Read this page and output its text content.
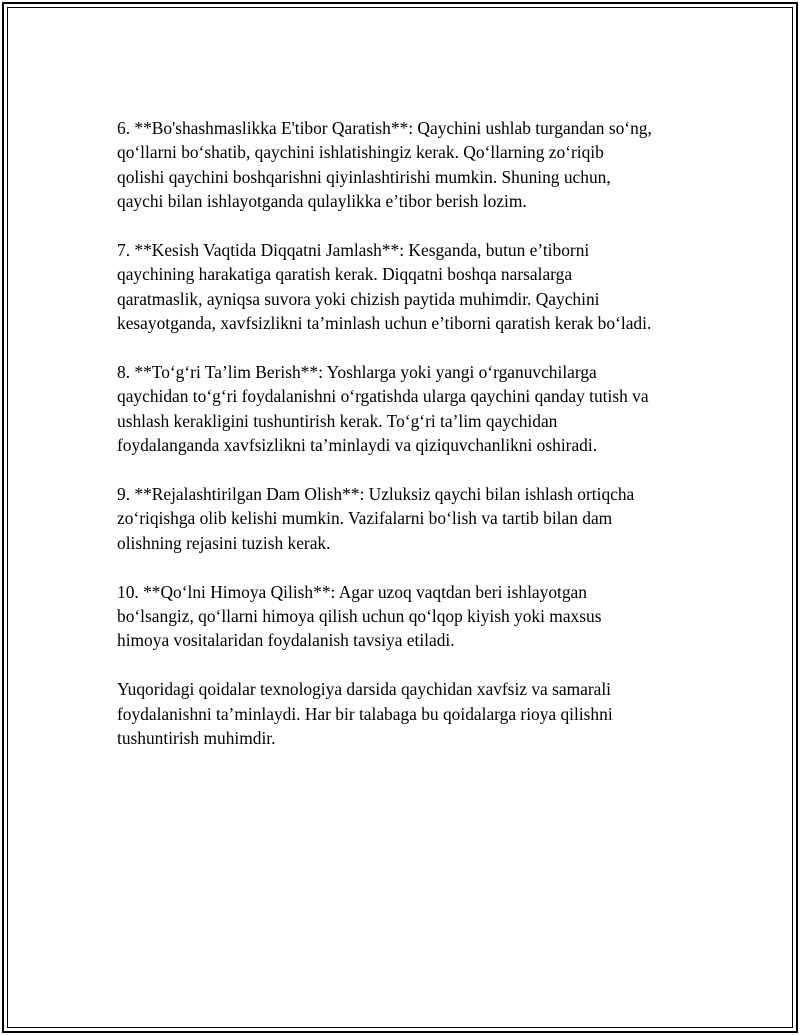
6. **Bo'shashmaslikka E'tibor Qaratish**: Qaychini ushlab turgandan so‘ng,
qo‘llarni bo‘shatib, qaychini ishlatishingiz kerak. Qo‘llarning zo‘riqib
qolishi qaychini boshqarishni qiyinlashtirishi mumkin. Shuning uchun,
qaychi bilan ishlayotganda qulaylikka e’tibor berish lozim.

7. **Kesish Vaqtida Diqqatni Jamlash**: Kesganda, butun e’tiborni
qaychining harakatiga qaratish kerak. Diqqatni boshqa narsalarga
qaratmaslik, ayniqsa suvora yoki chizish paytida muhimdir. Qaychini
kesayotganda, xavfsizlikni ta’minlash uchun e’tiborni qaratish kerak bo‘ladi.

8. **To‘g‘ri Ta’lim Berish**: Yoshlarga yoki yangi o‘rganuvchilarga
qaychidan to‘g‘ri foydalanishni o‘rgatishda ularga qaychini qanday tutish va
ushlash kerakligini tushuntirish kerak. To‘g‘ri ta’lim qaychidan
foydalanganda xavfsizlikni ta’minlaydi va qiziquvchanlikni oshiradi.

9. **Rejalashtirilgan Dam Olish**: Uzluksiz qaychi bilan ishlash ortiqcha
zo‘riqishga olib kelishi mumkin. Vazifalarni bo‘lish va tartib bilan dam
olishning rejasini tuzish kerak.

10. **Qo‘lni Himoya Qilish**: Agar uzoq vaqtdan beri ishlayotgan
bo‘lsangiz, qo‘llarni himoya qilish uchun qo‘lqop kiyish yoki maxsus
himoya vositalaridan foydalanish tavsiya etiladi.

Yuqoridagi qoidalar texnologiya darsida qaychidan xavfsiz va samarali
foydalanishni ta’minlaydi. Har bir talabaga bu qoidalarga rioya qilishni
tushuntirish muhimdir.
